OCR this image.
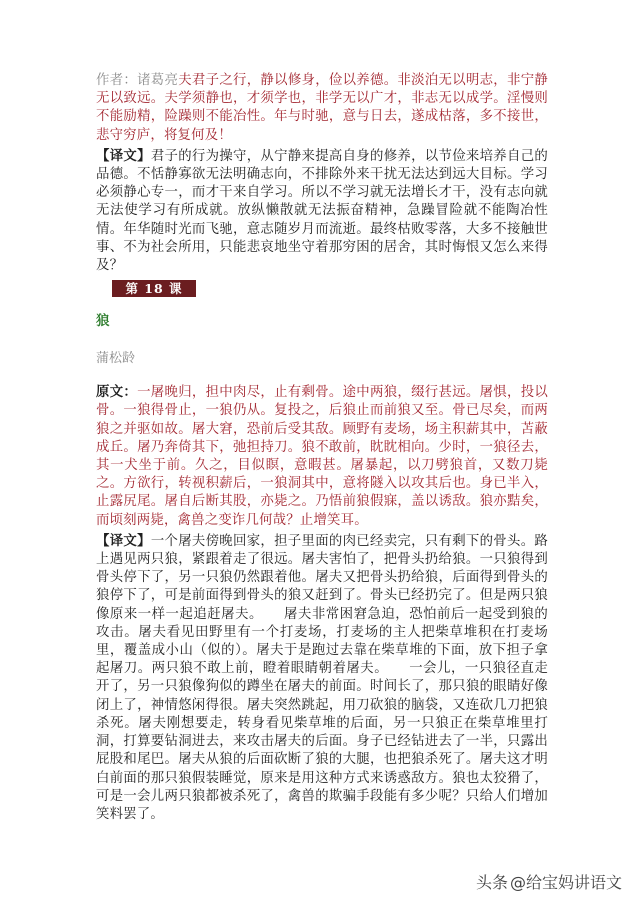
作者：诸葛亮夫君子之行，静以修身，俭以养德。非淡泊无以明志，非宁静无以致远。夫学须静也，才须学也，非学无以广才，非志无以成学。淫慢则不能励精，险躁则不能冶性。年与时驰，意与日去，遂成枯落，多不接世，悲守穷庐，将复何及！

【译文】君子的行为操守，从宁静来提高自身的修养，以节俭来培养自己的品德。不恬静寡欲无法明确志向，不排除外来干扰无法达到远大目标。学习必须静心专一，而才干来自学习。所以不学习就无法增长才干，没有志向就无法使学习有所成就。放纵懒散就无法振奋精神，急躁冒险就不能陶冶性情。年华随时光而飞驰，意志随岁月而流逝。最终枯败零落，大多不接触世事、不为社会所用，只能悲哀地坐守着那穷困的居舍，其时悔恨又怎么来得及？

第 18 课

狼

蒲松龄

原文：一屠晚归，担中肉尽，止有剩骨。途中两狼，缀行甚远。屠惧，投以骨。一狼得骨止，一狼仍从。复投之，后狼止而前狼又至。骨已尽矣，而两狼之并驱如故。屠大窘，恐前后受其敌。顾野有麦场，场主积薪其中，苫蔽成丘。屠乃奔倚其下，弛担持刀。狼不敢前，眈眈相向。少时，一狼径去，其一犬坐于前。久之，目似瞑，意暇甚。屠暴起，以刀劈狼首，又数刀毙之。方欲行，转视积薪后，一狼洞其中，意将隧入以攻其后也。身已半入，止露尻尾。屠自后断其股，亦毙之。乃悟前狼假寐，盖以诱敌。狼亦黠矣，而顷刻两毙，禽兽之变诈几何哉？止增笑耳。

【译文】一个屠夫傍晚回家，担子里面的肉已经卖完，只有剩下的骨头。路上遇见两只狼，紧跟着走了很远。屠夫害怕了，把骨头扔给狼。一只狼得到骨头停下了，另一只狼仍然跟着他。屠夫又把骨头扔给狼，后面得到骨头的狼停下了，可是前面得到骨头的狼又赶到了。骨头已经扔完了。但是两只狼像原来一样一起追赶屠夫。　　屠夫非常困窘急迫，恐怕前后一起受到狼的攻击。屠夫看见田野里有一个打麦场，打麦场的主人把柴草堆积在打麦场里，覆盖成小山（似的）。屠夫于是跑过去靠在柴草堆的下面，放下担子拿起屠刀。两只狼不敢上前，瞪着眼睛朝着屠夫。　　一会儿，一只狼径直走开了，另一只狼像狗似的蹲坐在屠夫的前面。时间长了，那只狼的眼睛好像闭上了，神情悠闲得很。屠夫突然跳起，用刀砍狼的脑袋，又连砍几刀把狼杀死。屠夫刚想要走，转身看见柴草堆的后面，另一只狼正在柴草堆里打洞，打算要钻洞进去，来攻击屠夫的后面。身子已经钻进去了一半，只露出屁股和尾巴。屠夫从狼的后面砍断了狼的大腿，也把狼杀死了。屠夫这才明白前面的那只狼假装睡觉，原来是用这种方式来诱惑敌方。狼也太狡猾了，可是一会儿两只狼都被杀死了，禽兽的欺骗手段能有多少呢？只给人们增加笑料罢了。

头条 @给宝妈讲语文
